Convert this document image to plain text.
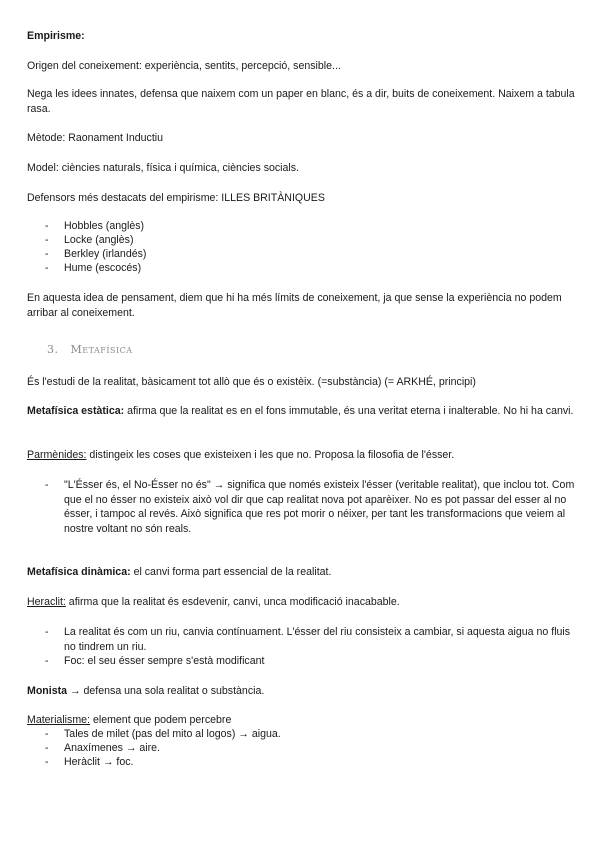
Empirisme:

Origen del coneixement: experiència, sentits, percepció, sensible...

Nega les idees innates, defensa que naixem com un paper en blanc, és a dir, buits de coneixement. Naixem a tabula rasa.

Mètode: Raonament Inductiu

Model: ciències naturals, física i química, ciències socials.

Defensors més destacats del empirisme: ILLES BRITÀNIQUES

- Hobbles (anglès)
- Locke (anglès)
- Berkley (irlandés)
- Hume (escocés)

En aquesta idea de pensament, diem que hi ha més límits de coneixement, ja que sense la experiència no podem arribar al coneixement.

3. Metafísica

És l'estudi de la realitat, bàsicament tot allò que és o existèix. (=substància) (= ARKHÉ, principi)

Metafísica estàtica: afirma que la realitat es en el fons immutable, és una veritat eterna i inalterable. No hi ha canvi.

Parmènides: distingeix les coses que existeixen i les que no. Proposa la filosofia de l'ésser.

- "L'Ésser és, el No-Ésser no és" → significa que només existeix l'ésser (veritable realitat), que inclou tot. Com que el no ésser no existeix això vol dir que cap realitat nova pot aparèixer. No es pot passar del esser al no ésser, i tampoc al revés. Això significa que res pot morir o néixer, per tant les transformacions que veiem al nostre voltant no són reals.

Metafísica dinàmica: el canvi forma part essencial de la realitat.

Heraclit: afirma que la realitat és esdevenir, canvi, unca modificació inacabable.

- La realitat és com un riu, canvia contínuament. L'ésser del riu consisteix a cambiar, si aquesta aigua no fluis no tindrem un riu.
- Foc: el seu ésser sempre s'està modificant

Monista → defensa una sola realitat o substància.

Materialisme: element que podem percebre

- Tales de milet (pas del mito al logos) → aigua.
- Anaxímenes → aire.
- Heràclit → foc.
